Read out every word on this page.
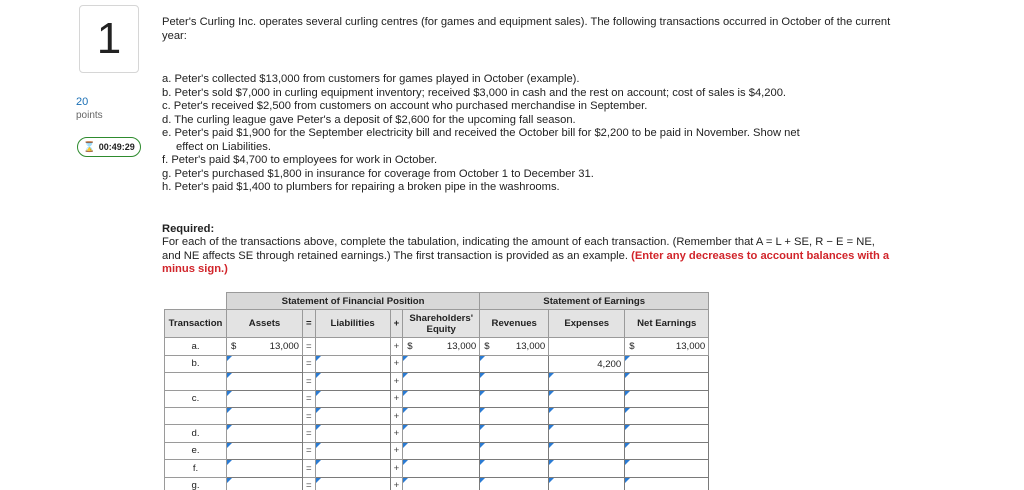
1
20
points
⌛ 00:49:29

Peter's Curling Inc. operates several curling centres (for games and equipment sales). The following transactions occurred in October of the current year:

a. Peter's collected $13,000 from customers for games played in October (example).
b. Peter's sold $7,000 in curling equipment inventory; received $3,000 in cash and the rest on account; cost of sales is $4,200.
c. Peter's received $2,500 from customers on account who purchased merchandise in September.
d. The curling league gave Peter's a deposit of $2,600 for the upcoming fall season.
e. Peter's paid $1,900 for the September electricity bill and received the October bill for $2,200 to be paid in November. Show net
effect on Liabilities.
f. Peter's paid $4,700 to employees for work in October.
g. Peter's purchased $1,800 in insurance for coverage from October 1 to December 31.
h. Peter's paid $1,400 to plumbers for repairing a broken pipe in the washrooms.

Required:

For each of the transactions above, complete the tabulation, indicating the amount of each transaction. (Remember that A = L + SE, R − E = NE, and NE affects SE through retained earnings.) The first transaction is provided as an example. (Enter any decreases to account balances with a minus sign.)

	Statement of Financial Position					Statement of Earnings		
Transaction	Assets	=	Liabilities	+	Shareholders' Equity	Revenues	Expenses	Net Earnings
a.	$ 13,000	=		+	$ 13,000	$ 13,000		$ 13,000

b.		=		+			4,200	

		=		+				
c.		=		+				
		=		+				
d.		=		+				
e.		=		+				
f.		=		+				
g.		=		+				
